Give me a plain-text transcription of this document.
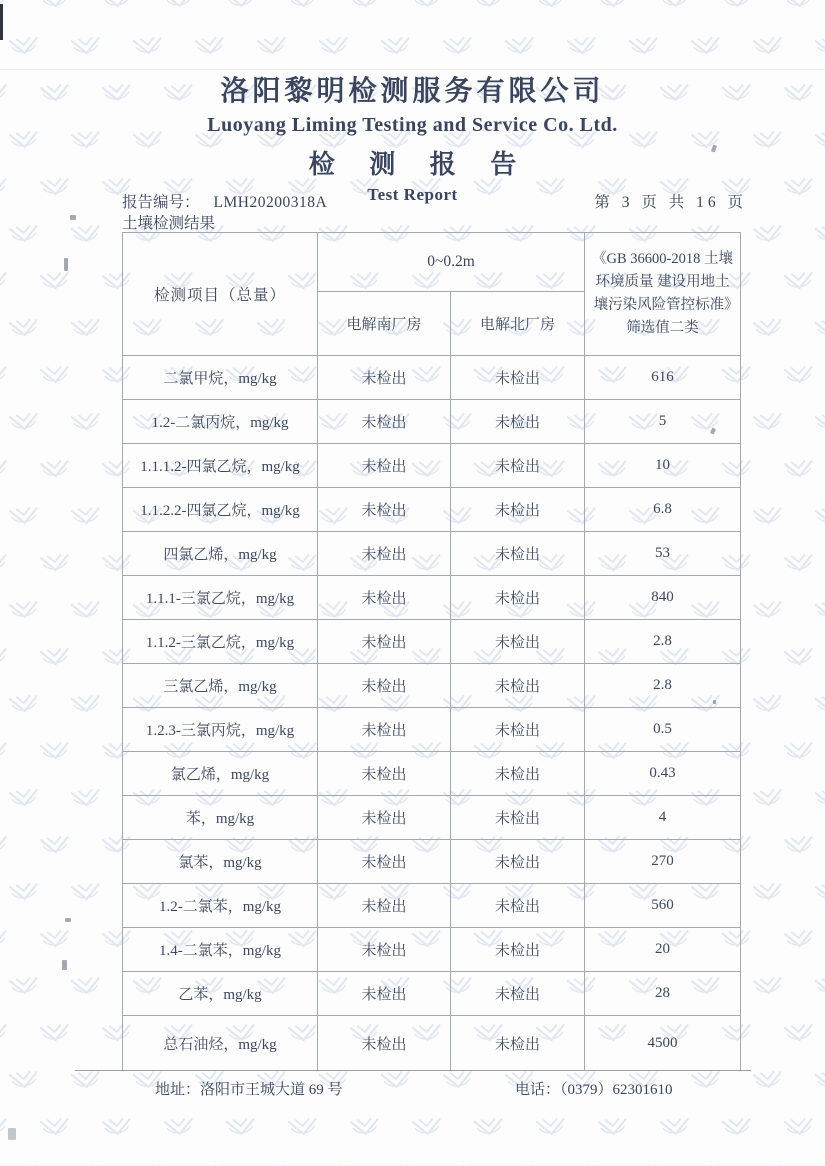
洛阳黎明检测服务有限公司
Luoyang Liming Testing and Service Co. Ltd.
检 测 报 告
Test Report
报告编号： LMH20200318A	第 3 页 共 16 页
土壤检测结果
检测项目（总量）	0~0.2m		《GB 36600-2018 土壤环境质量 建设用地土壤污染风险管控标准》筛选值二类
	电解南厂房	电解北厂房	
二氯甲烷，mg/kg	未检出	未检出	616
1.2-二氯丙烷，mg/kg	未检出	未检出	5
1.1.1.2-四氯乙烷，mg/kg	未检出	未检出	10
1.1.2.2-四氯乙烷，mg/kg	未检出	未检出	6.8
四氯乙烯，mg/kg	未检出	未检出	53
1.1.1-三氯乙烷，mg/kg	未检出	未检出	840
1.1.2-三氯乙烷，mg/kg	未检出	未检出	2.8
三氯乙烯，mg/kg	未检出	未检出	2.8
1.2.3-三氯丙烷，mg/kg	未检出	未检出	0.5
氯乙烯，mg/kg	未检出	未检出	0.43
苯，mg/kg	未检出	未检出	4
氯苯，mg/kg	未检出	未检出	270
1.2-二氯苯，mg/kg	未检出	未检出	560
1.4-二氯苯，mg/kg	未检出	未检出	20
乙苯，mg/kg	未检出	未检出	28
总石油烃，mg/kg	未检出	未检出	4500
地址：洛阳市王城大道 69 号	电话：（0379）62301610
